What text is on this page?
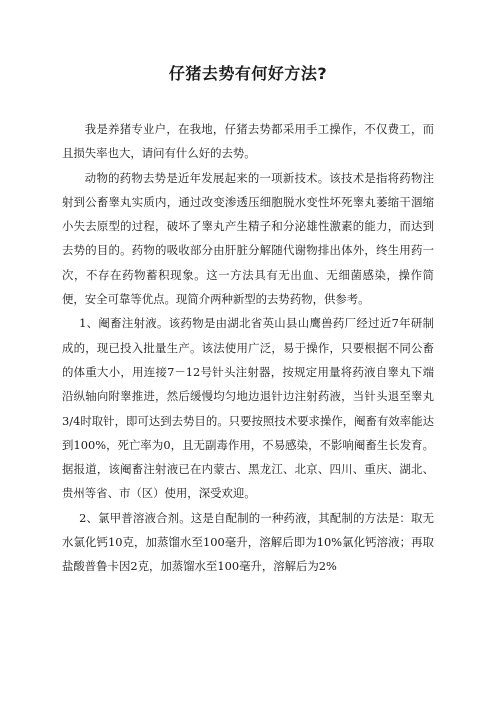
仔猪去势有何好方法?

我是养猪专业户，在我地，仔猪去势都采用手工操作，不仅费工，而且损失率也大，请问有什么好的去势。

动物的药物去势是近年发展起来的一项新技术。该技术是指将药物注射到公畜睾丸实质内，通过改变渗透压细胞脱水变性坏死睾丸萎缩干涸缩小失去原型的过程，破坏了睾丸产生精子和分泌雄性激素的能力，而达到去势的目的。药物的吸收部分由肝脏分解随代谢物排出体外，终生用药一次，不存在药物蓄积现象。这一方法具有无出血、无细菌感染，操作简便，安全可靠等优点。现简介两种新型的去势药物，供参考。

1、阉畜注射液。该药物是由湖北省英山县山鹰兽药厂经过近7年研制成的，现已投入批量生产。该法使用广泛，易于操作，只要根据不同公畜的体重大小，用连接7－12号针头注射器，按规定用量将药液自睾丸下端沿纵轴向附睾推进，然后缓慢均匀地边退针边注射药液，当针头退至睾丸3/4时取针，即可达到去势目的。只要按照技术要求操作，阉畜有效率能达到100%，死亡率为0，且无副毒作用，不易感染，不影响阉畜生长发育。据报道，该阉畜注射液已在内蒙古、黑龙江、北京、四川、重庆、湖北、贵州等省、市（区）使用，深受欢迎。

2、氯甲普溶液合剂。这是自配制的一种药液，其配制的方法是：取无水氯化钙10克，加蒸馏水至100毫升，溶解后即为10%氯化钙溶液；再取盐酸普鲁卡因2克，加蒸馏水至100毫升，溶解后为2%
